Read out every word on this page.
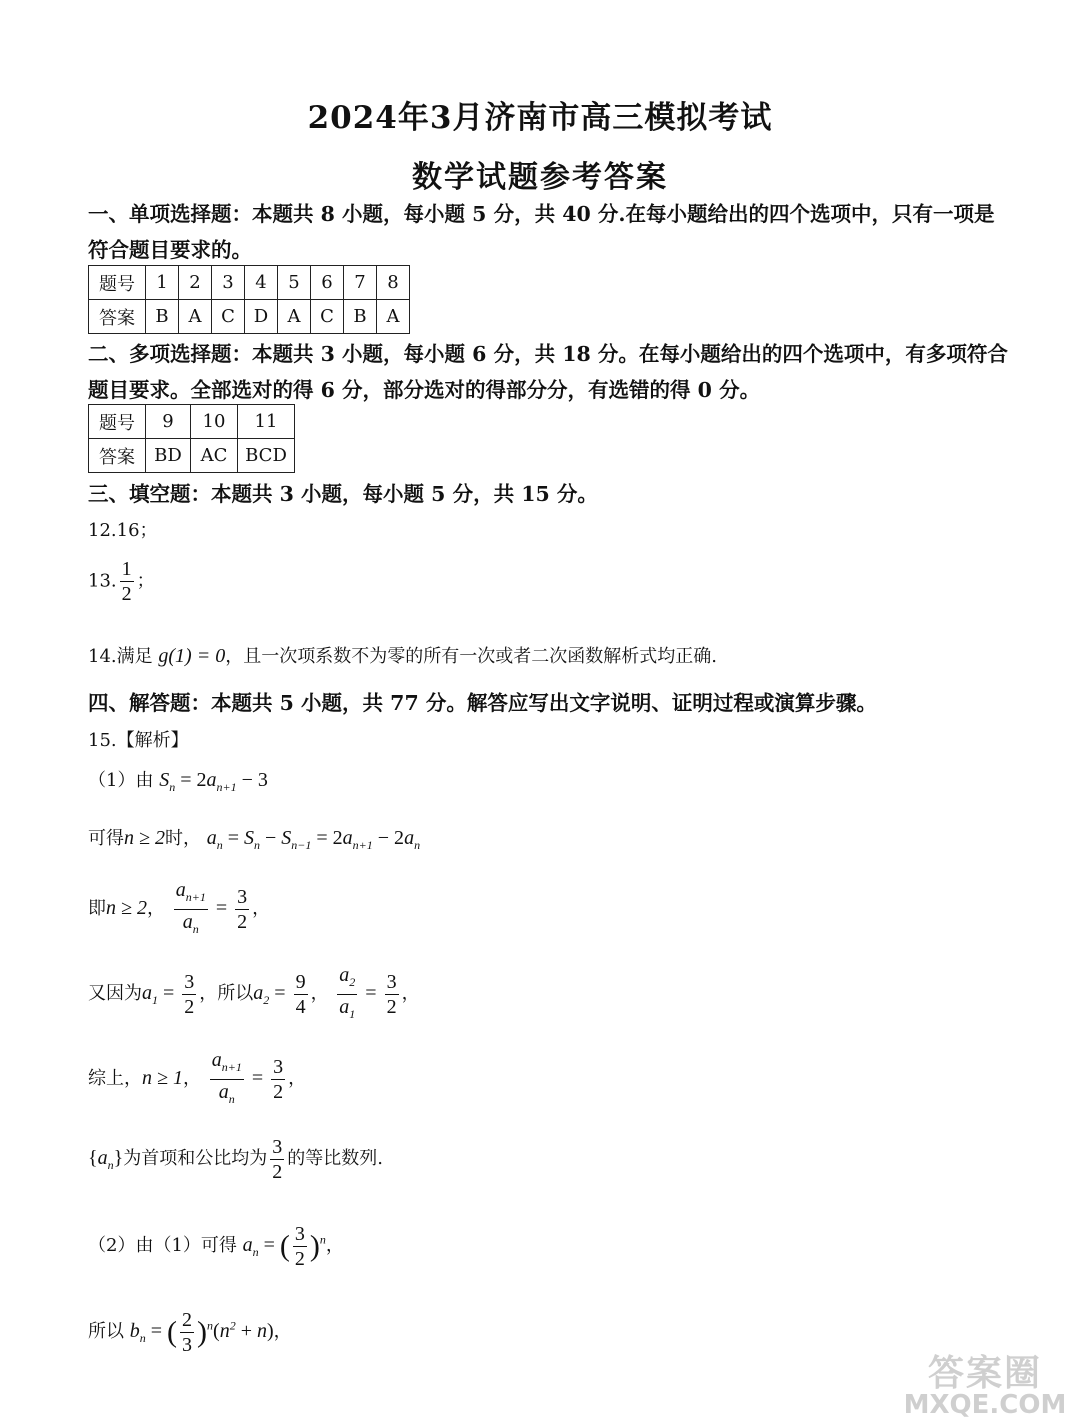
2024年3月济南市高三模拟考试
数学试题参考答案
一、单项选择题：本题共 8 小题，每小题 5 分，共 40 分.在每小题给出的四个选项中，只有一项是符合题目要求的。
题号	1	2	3	4	5	6	7	8
答案	B	A	C	D	A	C	B	A
二、多项选择题：本题共 3 小题，每小题 6 分，共 18 分。在每小题给出的四个选项中，有多项符合题目要求。全部选对的得 6 分，部分选对的得部分分，有选错的得 0 分。
题号	9	10	11
答案	BD	AC	BCD
三、填空题：本题共 3 小题，每小题 5 分，共 15 分。
12.16；
13. $\frac{1}{2}$ ；
14.满足 g(1) = 0，且一次项系数不为零的所有一次或者二次函数解析式均正确.
四、解答题：本题共 5 小题，共 77 分。解答应写出文字说明、证明过程或演算步骤。
15.【解析】
（1）由 $S_n = 2a_{n+1} - 3$
可得n ≥ 2时， $a_n = S_n - S_{n-1} = 2a_{n+1} - 2a_n$
即n ≥ 2， $\frac{a_{n+1}}{a_n} = \frac{3}{2}$ ，
又因为$a_1 = \frac{3}{2}$ ，所以$a_2 = \frac{9}{4}$ ， $\frac{a_2}{a_1} = \frac{3}{2}$ ，
综上，n ≥ 1， $\frac{a_{n+1}}{a_n} = \frac{3}{2}$ ，
$\{a_n\}$为首项和公比均为 $\frac{3}{2}$ 的等比数列.
（2）由（1）可得 $a_n$ = ( $\frac{3}{2} )^n$，
所以 $b_n$ = ( $\frac{2}{3} )^n(n^2 + n)$，
答案圈
MXQE.COM
